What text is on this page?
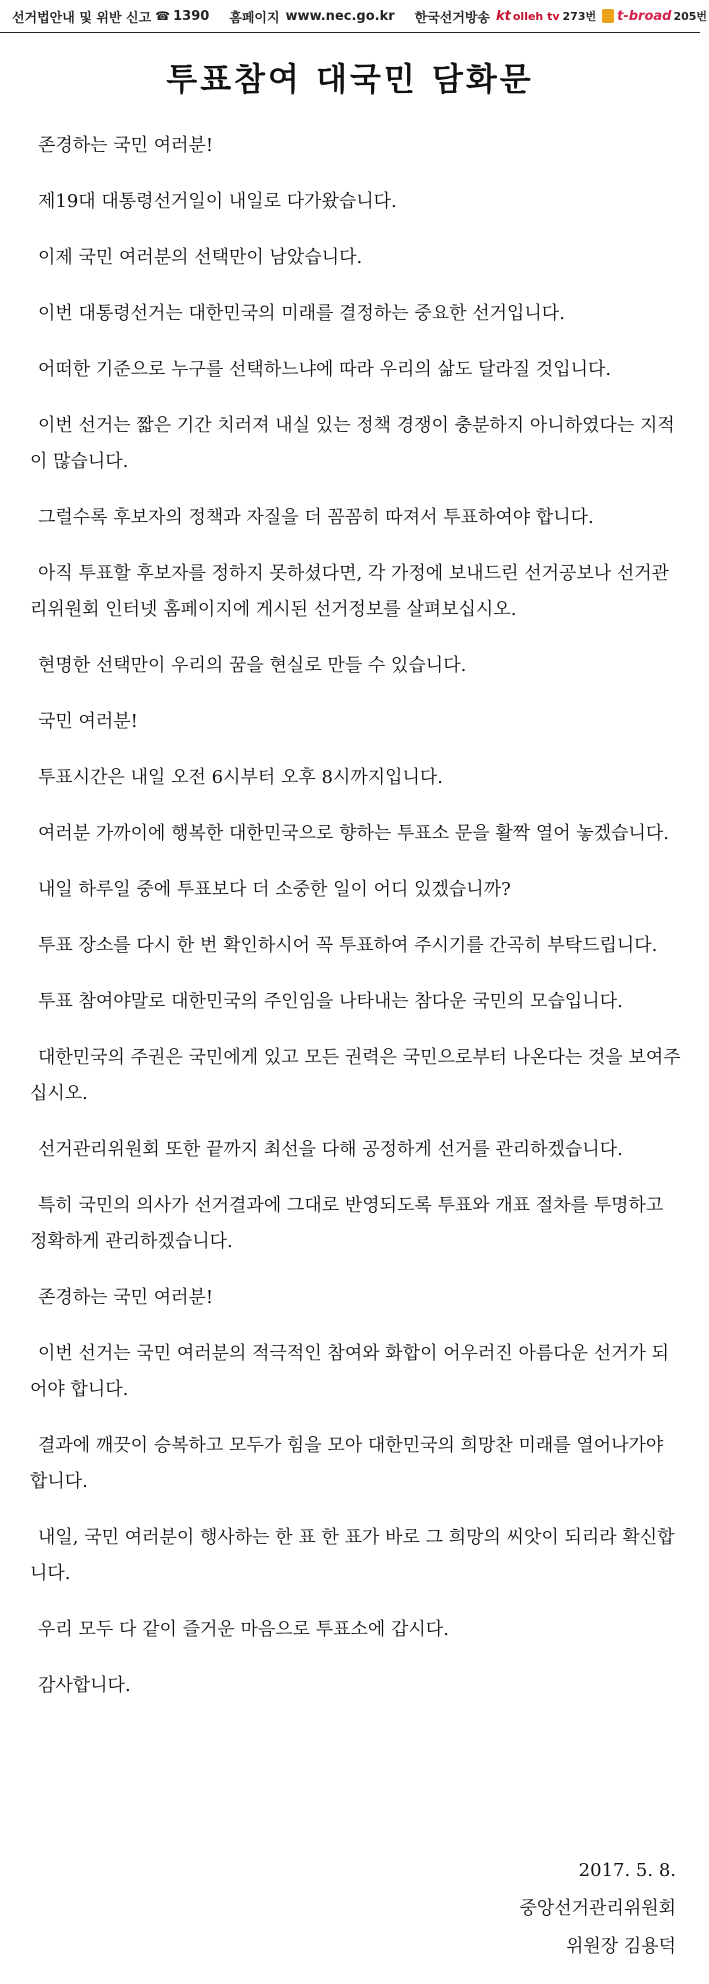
선거법안내 및 위반 신고 ☎ 1390 홈페이지 www.nec.go.kr 한국선거방송 kt olleh tv 273번 t-broad 205번
투표참여 대국민 담화문

존경하는 국민 여러분!

제19대 대통령선거일이 내일로 다가왔습니다.

이제 국민 여러분의 선택만이 남았습니다.

이번 대통령선거는 대한민국의 미래를 결정하는 중요한 선거입니다.

어떠한 기준으로 누구를 선택하느냐에 따라 우리의 삶도 달라질 것입니다.

이번 선거는 짧은 기간 치러져 내실 있는 정책 경쟁이 충분하지 아니하였다는 지적이 많습니다.

그럴수록 후보자의 정책과 자질을 더 꼼꼼히 따져서 투표하여야 합니다.

아직 투표할 후보자를 정하지 못하셨다면, 각 가정에 보내드린 선거공보나 선거관리위원회 인터넷 홈페이지에 게시된 선거정보를 살펴보십시오.

현명한 선택만이 우리의 꿈을 현실로 만들 수 있습니다.

국민 여러분!

투표시간은 내일 오전 6시부터 오후 8시까지입니다.

여러분 가까이에 행복한 대한민국으로 향하는 투표소 문을 활짝 열어 놓겠습니다.

내일 하루일 중에 투표보다 더 소중한 일이 어디 있겠습니까?

투표 장소를 다시 한 번 확인하시어 꼭 투표하여 주시기를 간곡히 부탁드립니다.

투표 참여야말로 대한민국의 주인임을 나타내는 참다운 국민의 모습입니다.

대한민국의 주권은 국민에게 있고 모든 권력은 국민으로부터 나온다는 것을 보여주십시오.

선거관리위원회 또한 끝까지 최선을 다해 공정하게 선거를 관리하겠습니다.

특히 국민의 의사가 선거결과에 그대로 반영되도록 투표와 개표 절차를 투명하고 정확하게 관리하겠습니다.

존경하는 국민 여러분!

이번 선거는 국민 여러분의 적극적인 참여와 화합이 어우러진 아름다운 선거가 되어야 합니다.

결과에 깨끗이 승복하고 모두가 힘을 모아 대한민국의 희망찬 미래를 열어나가야 합니다.

내일, 국민 여러분이 행사하는 한 표 한 표가 바로 그 희망의 씨앗이 되리라 확신합니다.

우리 모두 다 같이 즐거운 마음으로 투표소에 갑시다.

감사합니다.

2017. 5. 8.
중앙선거관리위원회
위원장 김용덕
